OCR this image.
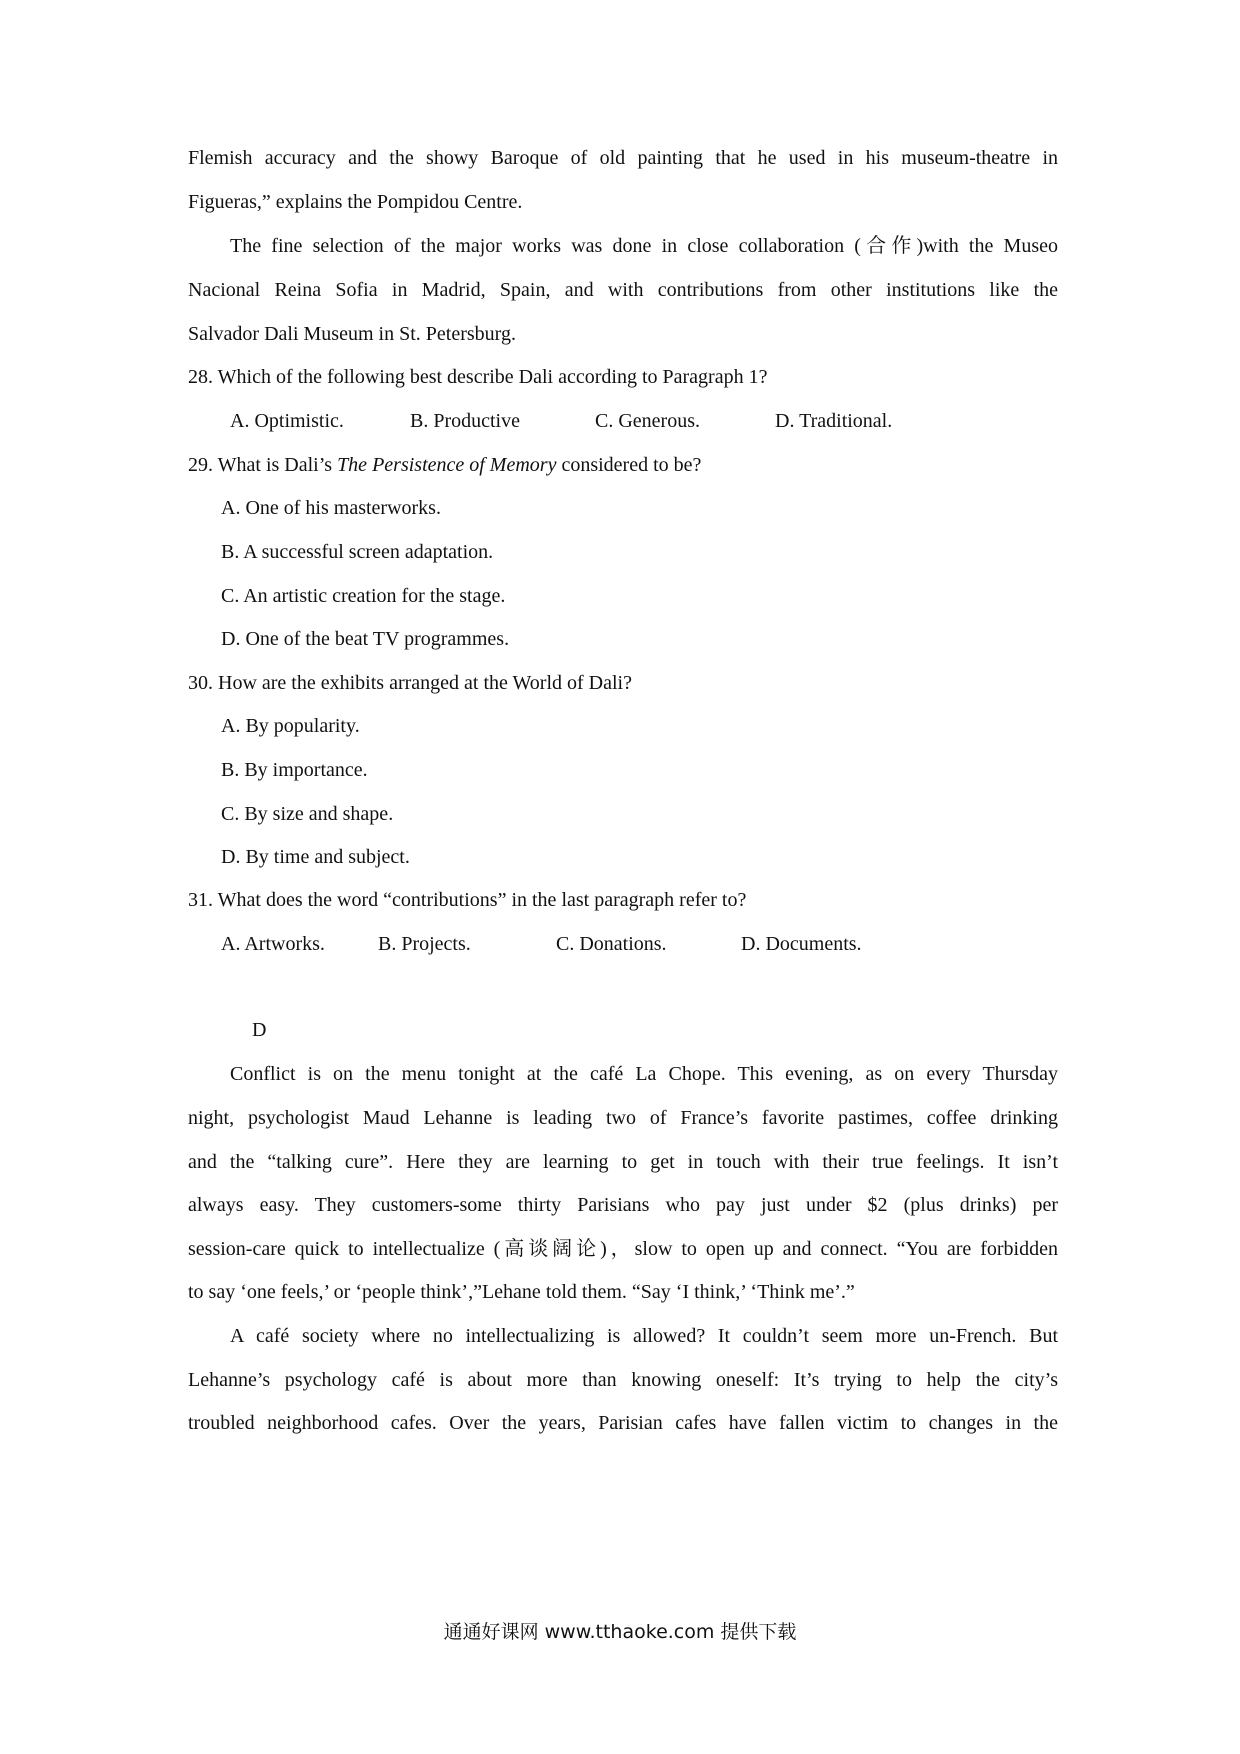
Flemish accuracy and the showy Baroque of old painting that he used in his museum-theatre in
Figueras,” explains the Pompidou Centre.
The fine selection of the major works was done in close collaboration (合作)with the Museo
Nacional Reina Sofia in Madrid, Spain, and with contributions from other institutions like the
Salvador Dali Museum in St. Petersburg.
28. Which of the following best describe Dali according to Paragraph 1?
A. Optimistic.	B. Productive	C. Generous.	D. Traditional.
29. What is Dali’s The Persistence of Memory considered to be?
A. One of his masterworks.
B. A successful screen adaptation.
C. An artistic creation for the stage.
D. One of the beat TV programmes.
30. How are the exhibits arranged at the World of Dali?
A. By popularity.
B. By importance.
C. By size and shape.
D. By time and subject.
31. What does the word “contributions” in the last paragraph refer to?
A. Artworks.	B. Projects.	C. Donations.	D. Documents.
D
Conflict is on the menu tonight at the café La Chope. This evening, as on every Thursday
night, psychologist Maud Lehanne is leading two of France’s favorite pastimes, coffee drinking
and the “talking cure”. Here they are learning to get in touch with their true feelings. It isn’t
always easy. They customers-some thirty Parisians who pay just under $2 (plus drinks) per
session-care quick to intellectualize (高谈阔论)，slow to open up and connect. “You are forbidden
to say ‘one feels,’ or ‘people think’,”Lehane told them. “Say ‘I think,’ ‘Think me’.”
A café society where no intellectualizing is allowed? It couldn’t seem more un-French. But
Lehanne’s psychology café is about more than knowing oneself: It’s trying to help the city’s
troubled neighborhood cafes. Over the years, Parisian cafes have fallen victim to changes in the
通通好课网 www.tthaoke.com 提供下载
